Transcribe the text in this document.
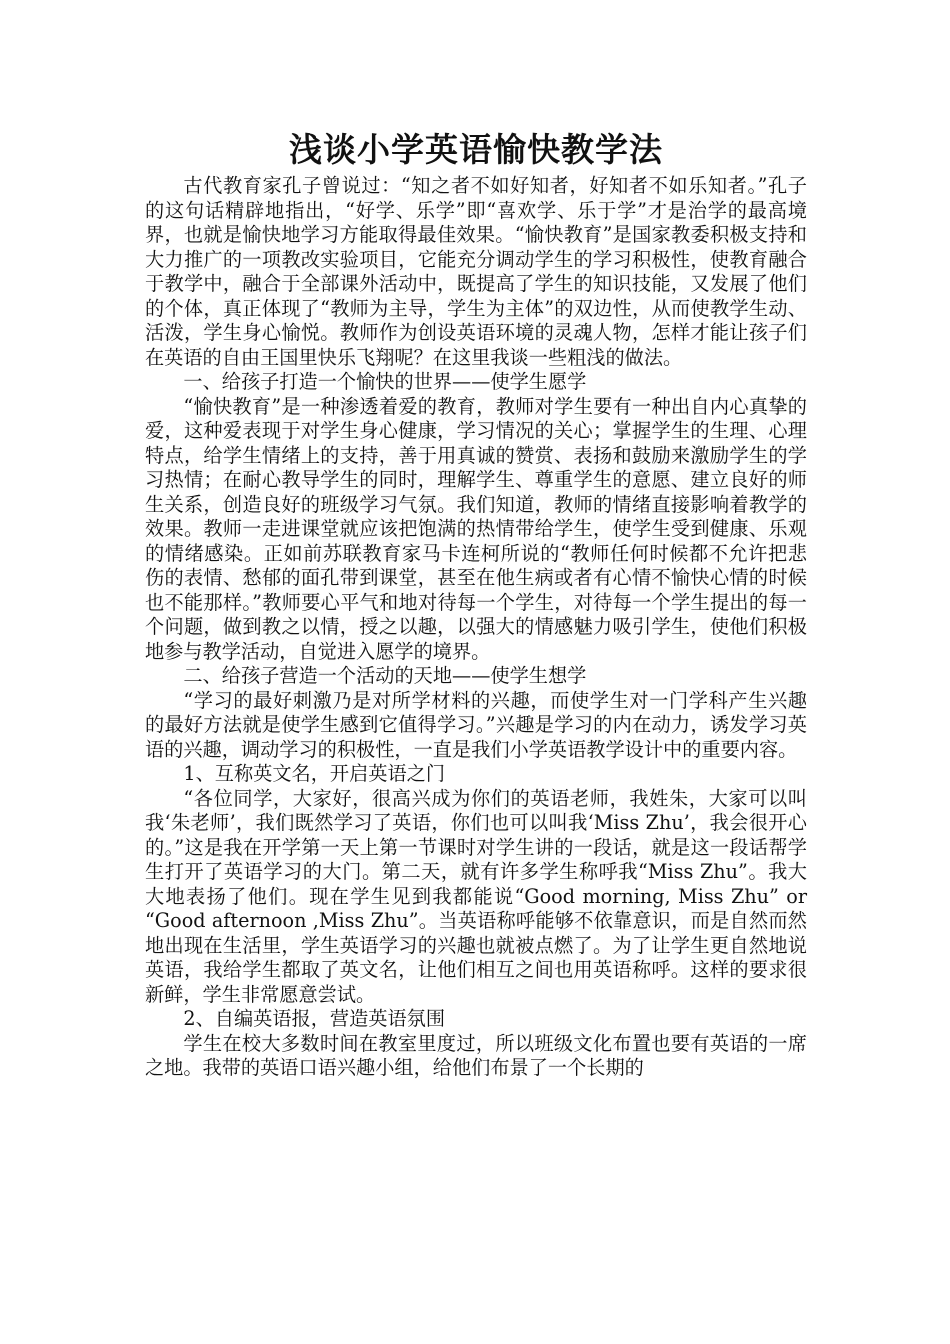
浅谈小学英语愉快教学法

古代教育家孔子曾说过：“知之者不如好知者，好知者不如乐知者。”孔子的这句话精辟地指出，“好学、乐学”即“喜欢学、乐于学”才是治学的最高境界，也就是愉快地学习方能取得最佳效果。“愉快教育”是国家教委积极支持和大力推广的一项教改实验项目，它能充分调动学生的学习积极性，使教育融合于教学中，融合于全部课外活动中，既提高了学生的知识技能，又发展了他们的个体，真正体现了“教师为主导，学生为主体”的双边性，从而使教学生动、活泼，学生身心愉悦。教师作为创设英语环境的灵魂人物，怎样才能让孩子们在英语的自由王国里快乐飞翔呢？在这里我谈一些粗浅的做法。

一、给孩子打造一个愉快的世界——使学生愿学

“愉快教育”是一种渗透着爱的教育，教师对学生要有一种出自内心真挚的爱，这种爱表现于对学生身心健康，学习情况的关心；掌握学生的生理、心理特点，给学生情绪上的支持，善于用真诚的赞赏、表扬和鼓励来激励学生的学习热情；在耐心教导学生的同时，理解学生、尊重学生的意愿、建立良好的师生关系，创造良好的班级学习气氛。我们知道，教师的情绪直接影响着教学的效果。教师一走进课堂就应该把饱满的热情带给学生，使学生受到健康、乐观的情绪感染。正如前苏联教育家马卡连柯所说的“教师任何时候都不允许把悲伤的表情、愁郁的面孔带到课堂，甚至在他生病或者有心情不愉快心情的时候也不能那样。”教师要心平气和地对待每一个学生，对待每一个学生提出的每一个问题，做到教之以情，授之以趣，以强大的情感魅力吸引学生，使他们积极地参与教学活动，自觉进入愿学的境界。

二、给孩子营造一个活动的天地——使学生想学

“学习的最好刺激乃是对所学材料的兴趣，而使学生对一门学科产生兴趣的最好方法就是使学生感到它值得学习。”兴趣是学习的内在动力，诱发学习英语的兴趣，调动学习的积极性，一直是我们小学英语教学设计中的重要内容。

1、互称英文名，开启英语之门

“各位同学，大家好，很高兴成为你们的英语老师，我姓朱，大家可以叫我‘朱老师’，我们既然学习了英语，你们也可以叫我‘Miss Zhu’，我会很开心的。”这是我在开学第一天上第一节课时对学生讲的一段话，就是这一段话帮学生打开了英语学习的大门。第二天，就有许多学生称呼我“Miss Zhu”。我大大地表扬了他们。现在学生见到我都能说“Good morning, Miss Zhu” or “Good afternoon ,Miss Zhu”。当英语称呼能够不依靠意识，而是自然而然地出现在生活里，学生英语学习的兴趣也就被点燃了。为了让学生更自然地说英语，我给学生都取了英文名，让他们相互之间也用英语称呼。这样的要求很新鲜，学生非常愿意尝试。

2、自编英语报，营造英语氛围

学生在校大多数时间在教室里度过，所以班级文化布置也要有英语的一席之地。我带的英语口语兴趣小组，给他们布景了一个长期的
